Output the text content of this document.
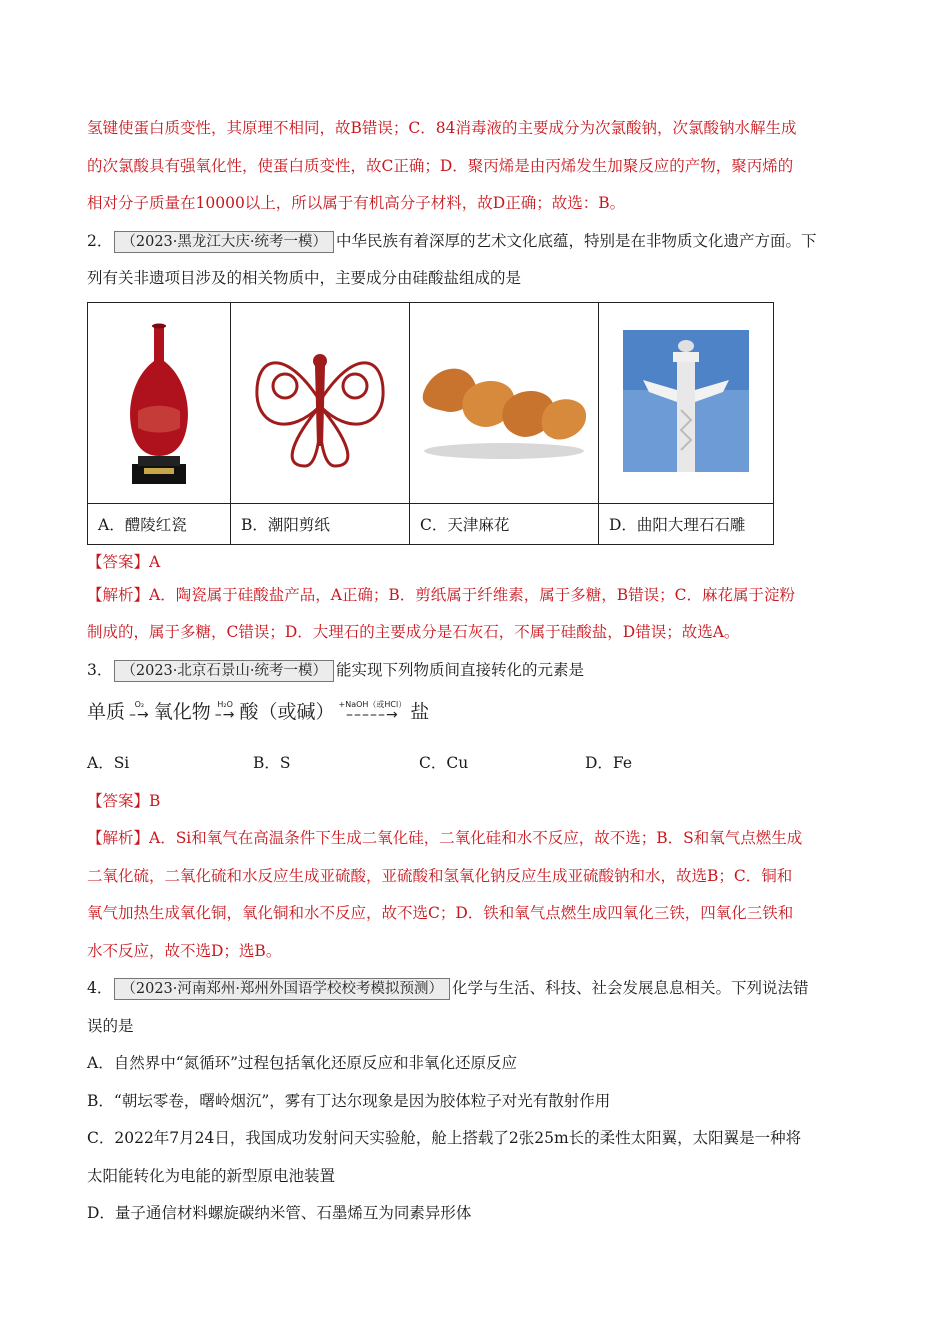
氢键使蛋白质变性，其原理不相同，故B错误；C．84消毒液的主要成分为次氯酸钠，次氯酸钠水解生成
的次氯酸具有强氧化性，使蛋白质变性，故C正确；D．聚丙烯是由丙烯发生加聚反应的产物，聚丙烯的
相对分子质量在10000以上，所以属于有机高分子材料，故D正确；故选：B。
2． （2023·黑龙江大庆·统考一模） 中华民族有着深厚的艺术文化底蕴，特别是在非物质文化遗产方面。下
列有关非遗项目涉及的相关物质中，主要成分由硅酸盐组成的是

A．醴陵红瓷	B．潮阳剪纸	C．天津麻花	D．曲阳大理石石雕
【答案】A
【解析】A．陶瓷属于硅酸盐产品，A正确；B．剪纸属于纤维素，属于多糖，B错误；C．麻花属于淀粉
制成的，属于多糖，C错误；D．大理石的主要成分是石灰石，不属于硅酸盐，D错误；故选A。
3． （2023·北京石景山·统考一模） 能实现下列物质间直接转化的元素是
单质 O₂
–→ 氧化物 H₂O
–→ 酸（或碱） +NaOH（或HCl）
–––––→ 盐
A．Si	B．S	C．Cu	D．Fe
【答案】B
【解析】A．Si和氧气在高温条件下生成二氧化硅，二氧化硅和水不反应，故不选；B．S和氧气点燃生成
二氧化硫，二氧化硫和水反应生成亚硫酸，亚硫酸和氢氧化钠反应生成亚硫酸钠和水，故选B；C．铜和
氧气加热生成氧化铜，氧化铜和水不反应，故不选C；D．铁和氧气点燃生成四氧化三铁，四氧化三铁和
水不反应，故不选D；选B。
4． （2023·河南郑州·郑州外国语学校校考模拟预测） 化学与生活、科技、社会发展息息相关。下列说法错
误的是
A．自然界中“氮循环”过程包括氧化还原反应和非氧化还原反应
B．“朝坛零卷，曙岭烟沉”，雾有丁达尔现象是因为胶体粒子对光有散射作用
C．2022年7月24日，我国成功发射问天实验舱，舱上搭载了2张25m长的柔性太阳翼，太阳翼是一种将
太阳能转化为电能的新型原电池装置
D．量子通信材料螺旋碳纳米管、石墨烯互为同素异形体
